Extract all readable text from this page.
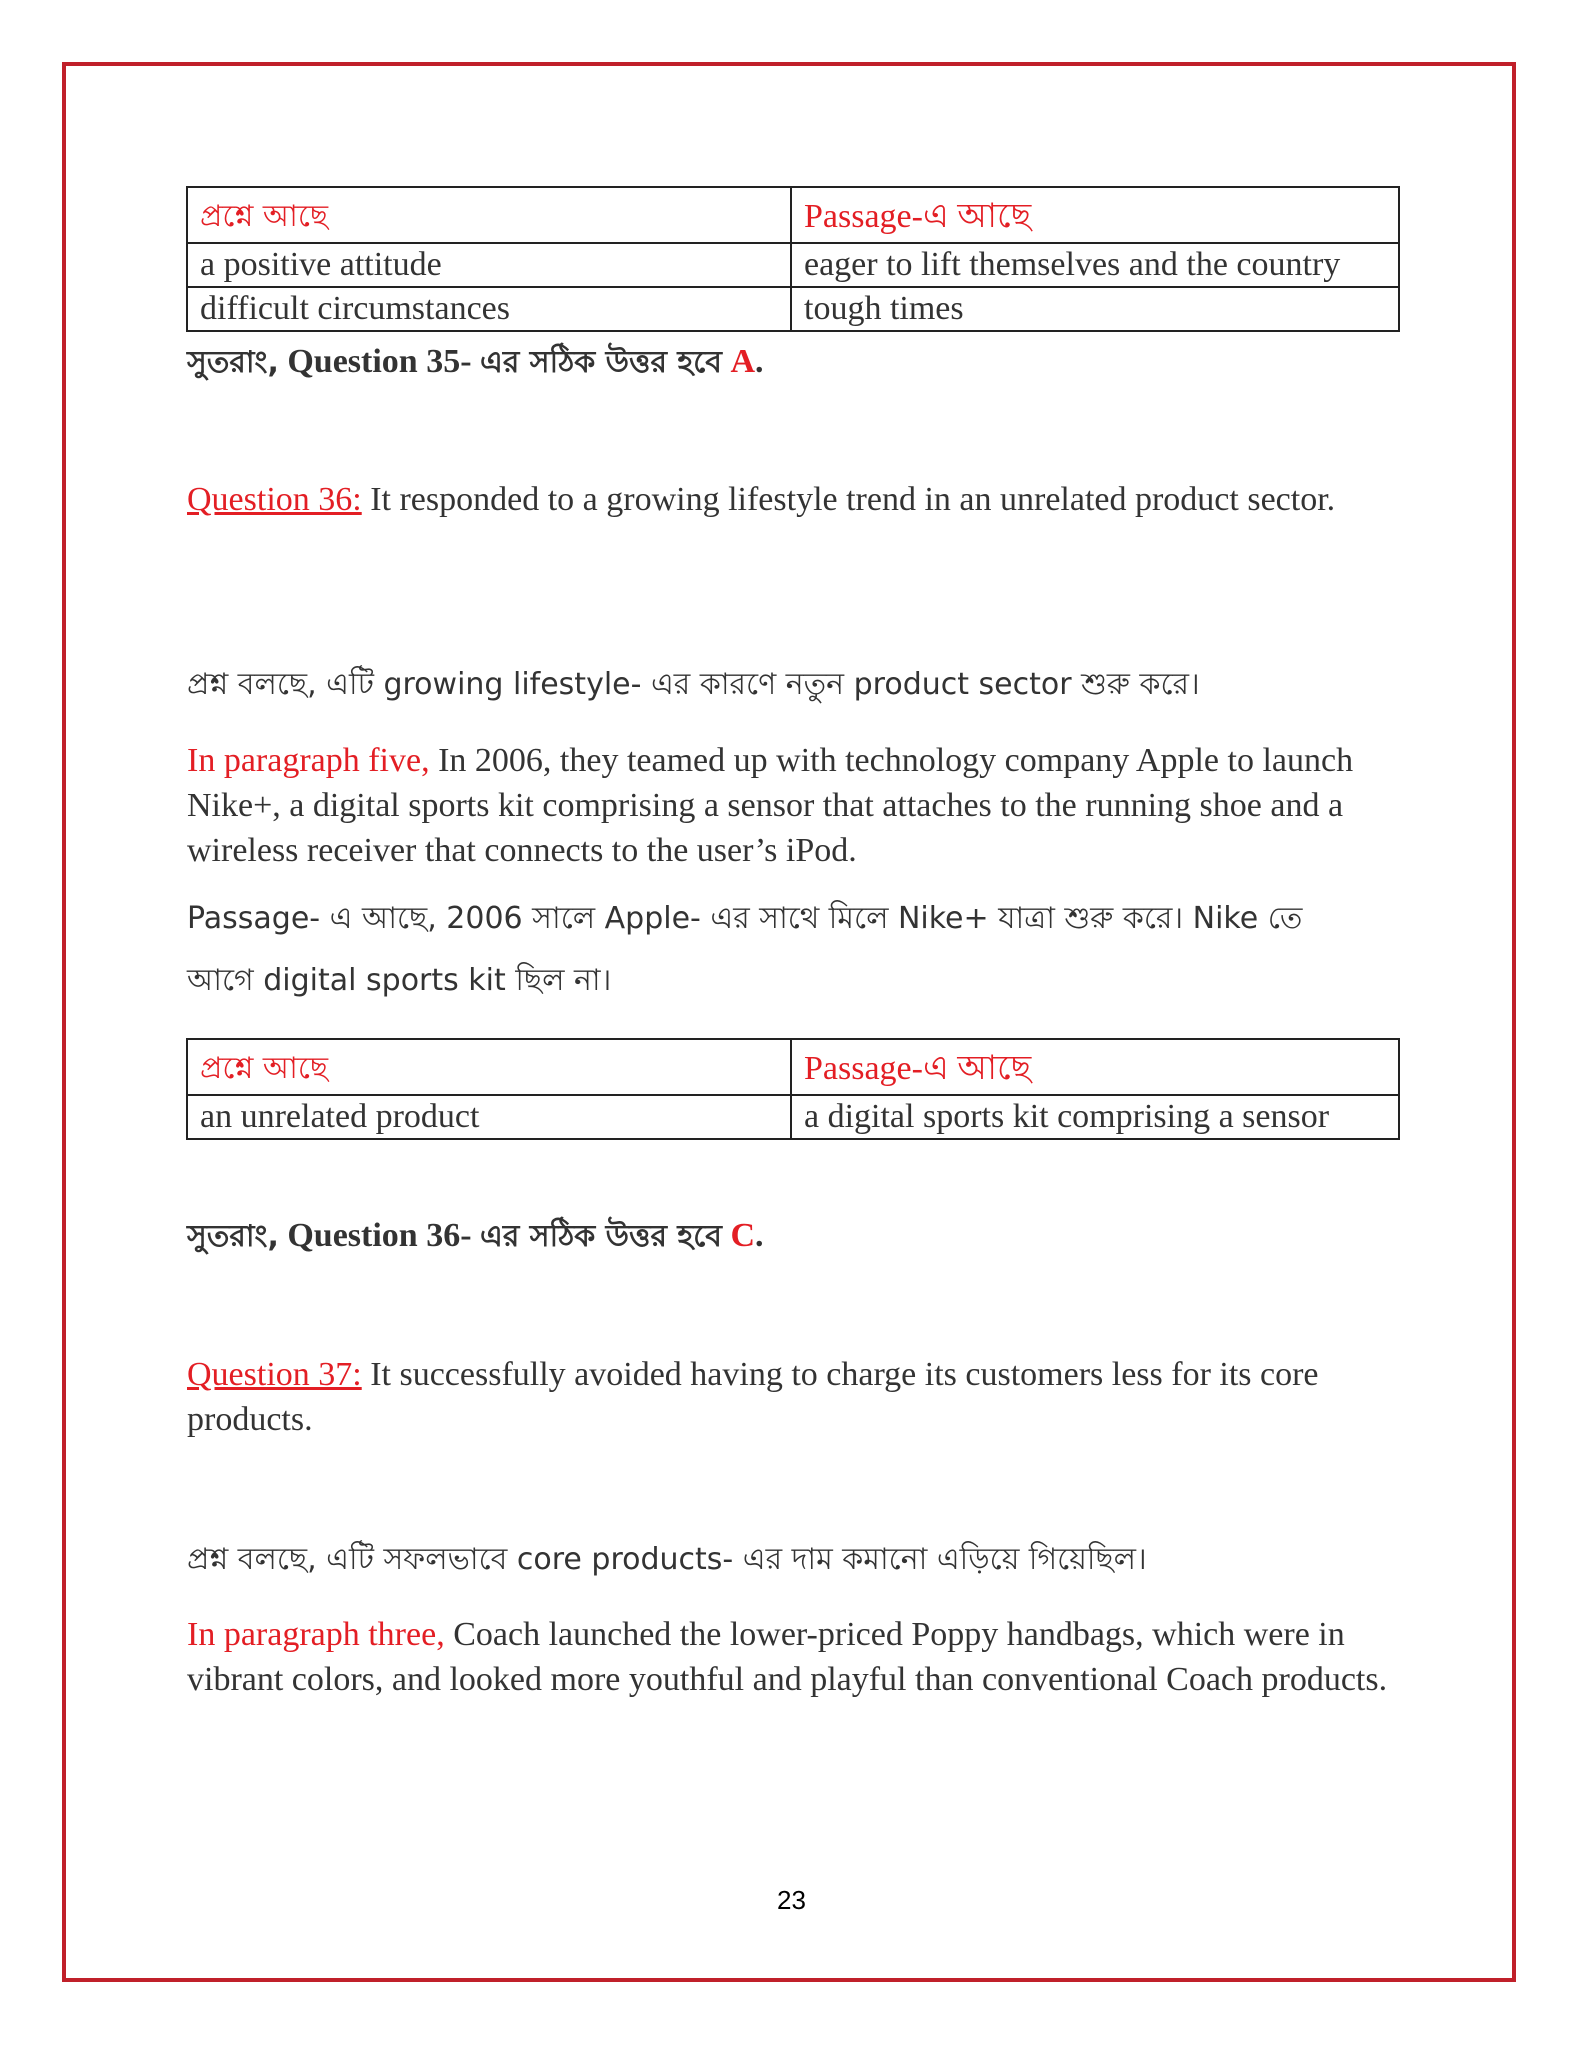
প্রশ্নে আছে	Passage-এ আছে
a positive attitude	eager to lift themselves and the country
difficult circumstances	tough times
সুতরাং, Question 35- এর সঠিক উত্তর হবে A.

Question 36: It responded to a growing lifestyle trend in an unrelated product sector.

প্রশ্ন বলছে, এটি growing lifestyle- এর কারণে নতুন product sector শুরু করে।

In paragraph five, In 2006, they teamed up with technology company Apple to launch Nike+, a digital sports kit comprising a sensor that attaches to the running shoe and a wireless receiver that connects to the user’s iPod.

Passage- এ আছে, 2006 সালে Apple- এর সাথে মিলে Nike+ যাত্রা শুরু করে। Nike তে

আগে digital sports kit ছিল না।

প্রশ্নে আছে	Passage-এ আছে
an unrelated product	a digital sports kit comprising a sensor
সুতরাং, Question 36- এর সঠিক উত্তর হবে C.

Question 37: It successfully avoided having to charge its customers less for its core products.

প্রশ্ন বলছে, এটি সফলভাবে core products- এর দাম কমানো এড়িয়ে গিয়েছিল।

In paragraph three, Coach launched the lower-priced Poppy handbags, which were in vibrant colors, and looked more youthful and playful than conventional Coach products.

23
